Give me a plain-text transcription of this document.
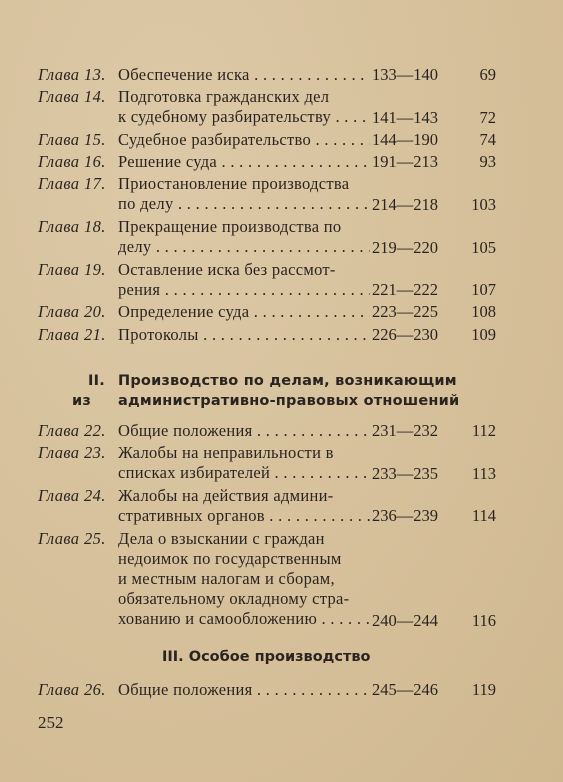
Глава 13. Обеспечение иска . . .	133—140	69
Глава 14. Подготовка гражданских дел
к судебному разбирательству . . .	141—143	72
Глава 15. Судебное разбирательство . . .	144—190	74
Глава 16. Решение суда . . .	191—213	93
Глава 17. Приостановление производства
по делу . . .	214—218	103
Глава 18. Прекращение производства по
делу . . .	219—220	105
Глава 19. Оставление иска без рассмот-
рения . . .	221—222	107
Глава 20. Определение суда . . .	223—225	108
Глава 21. Протоколы . . .	226—230	109
II. Производство по делам, возникающим
из административно-правовых отношений
Глава 22. Общие положения . . .	231—232	112
Глава 23. Жалобы на неправильности в
списках избирателей . . .	233—235	113
Глава 24. Жалобы на действия админи-
стративных органов . . .	236—239	114
Глава 25. Дела о взыскании с граждан
недоимок по государственным
и местным налогам и сборам,
обязательному окладному стра-
хованию и самообложению . . .	240—244	116
III. Особое производство
Глава 26. Общие положения . . .	245—246	119
252
